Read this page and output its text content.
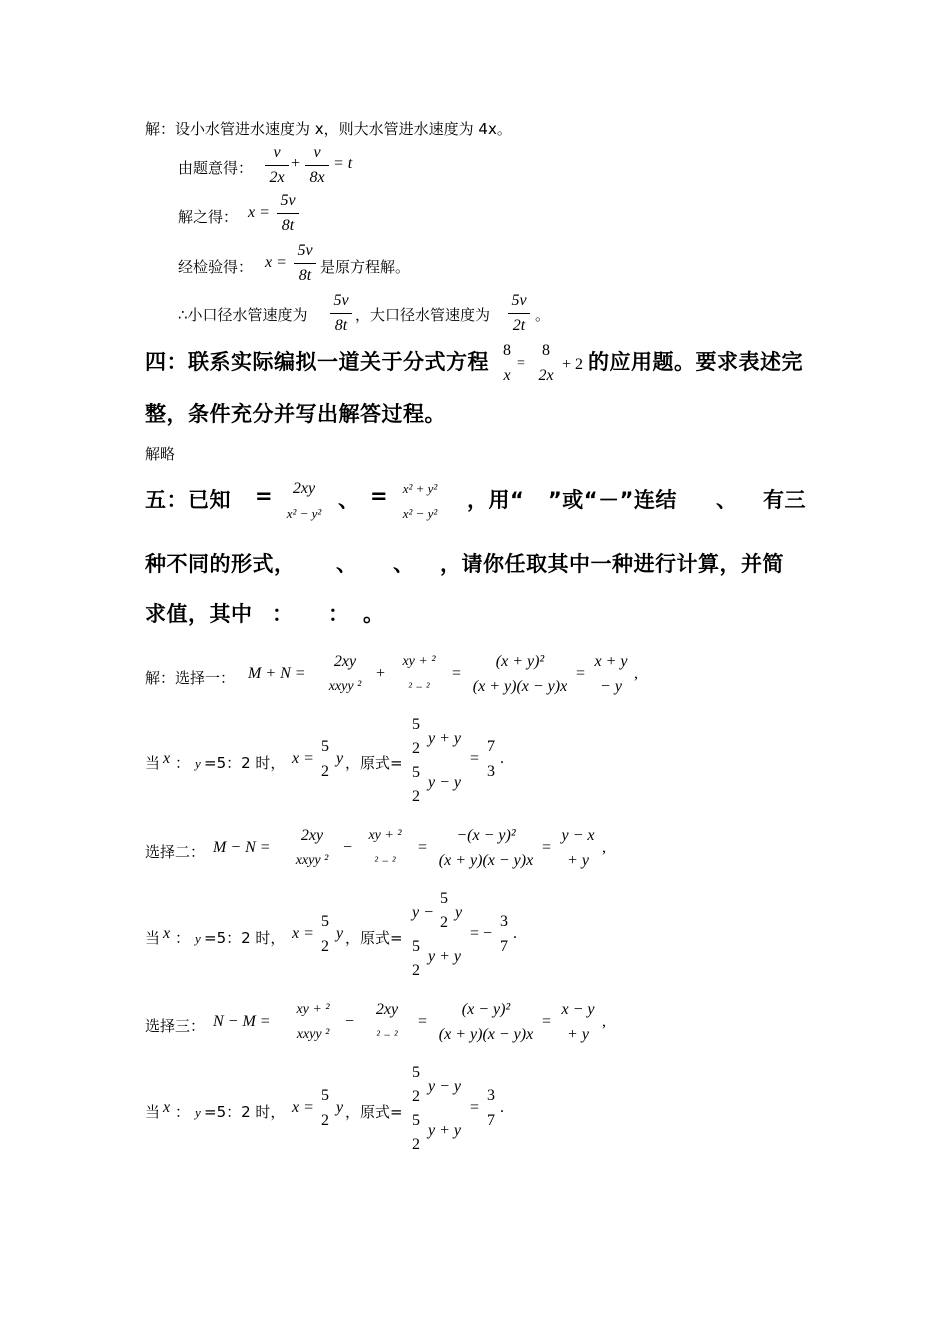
解：设小水管进水速度为 x，则大水管进水速度为 4x。
由题意得：
v
2x
+
v
8x
= t
解之得： x =
5v
8t
经检验得： x =
5v
8t 是原方程解。
∴小口径水管速度为
5v
8t
，大口径水管速度为
5v
2t
。
四：联系实际编拟一道关于分式方程 8
x
=
8
2x
+ 2 的应用题。要求表述完
整，条件充分并写出解答过程。
解略
五：已知 = 2xy
x² − y²
、 = x² + y²
x² − y²
，用“ ”或“－”连结 、 有三
种不同的形式， 、 、 ，请你任取其中一种进行计算，并简
求值，其中 ： ： 。
解：选择一： M + N =
2xy
xxyy ²
+
xy + ²
² − ²
=
(x + y)²
(x + y)(x − y)x
=
x + y
− y
,
当 x ： y =5：2 时， x =
5
2
y ，原式=
5
2
y + y
5
2
y − y
=
7
3
.
选择二： M − N =
2xy
xxyy ²
−
xy + ²
² − ²
=
−(x − y)²
(x + y)(x − y)x
=
y − x
+ y
,
当 x ： y =5：2 时， x =
5
2
y ，原式=
y −
5
2
y
5
2
y + y
= −
3
7
.
选择三： N − M =
xy + ²
xxyy ²
−
2xy
² − ²
=
(x − y)²
(x + y)(x − y)x
=
x − y
+ y
,
当 x ： y =5：2 时， x =
5
2
y ，原式=
5
2
y − y
5
2
y + y
=
3
7
.
